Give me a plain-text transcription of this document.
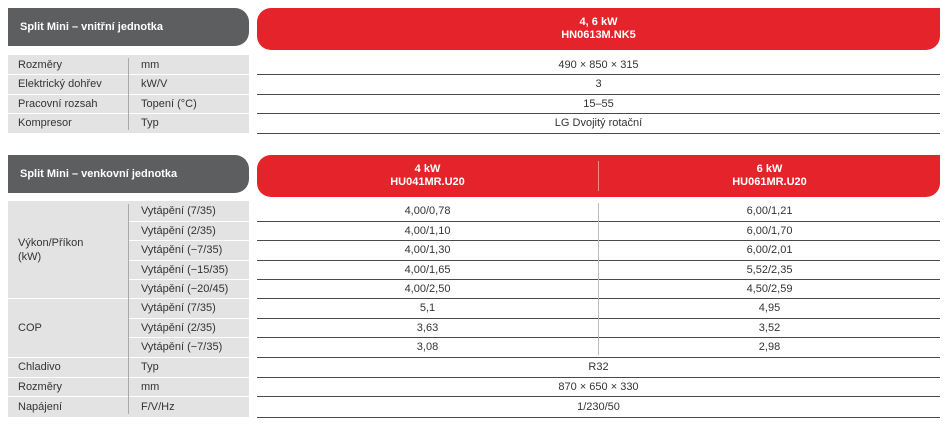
Split Mini – vnitřní jednotka	4, 6 kW
HN0613M.NK5
Rozměry	mm	490 × 850 × 315
Elektrický dohřev	kW/V	3
Pracovní rozsah	Topení (°C)	15–55
Kompresor	Typ	LG Dvojitý rotační
Split Mini – venkovní jednotka	4 kW
HU041MR.U20
6 kW
HU061MR.U20
Výkon/Příkon
(kW)
Vytápění (7/35)	4,00/0,78	6,00/1,21
Vytápění (2/35)	4,00/1,10	6,00/1,70
Vytápění (−7/35)	4,00/1,30	6,00/2,01
Vytápění (−15/35)	4,00/1,65	5,52/2,35
Vytápění (−20/45)	4,00/2,50	4,50/2,59
COP
Vytápění (7/35)	5,1	4,95
Vytápění (2/35)	3,63	3,52
Vytápění (−7/35)	3,08	2,98
Chladivo	Typ	R32
Rozměry	mm	870 × 650 × 330
Napájení	F/V/Hz	1/230/50
